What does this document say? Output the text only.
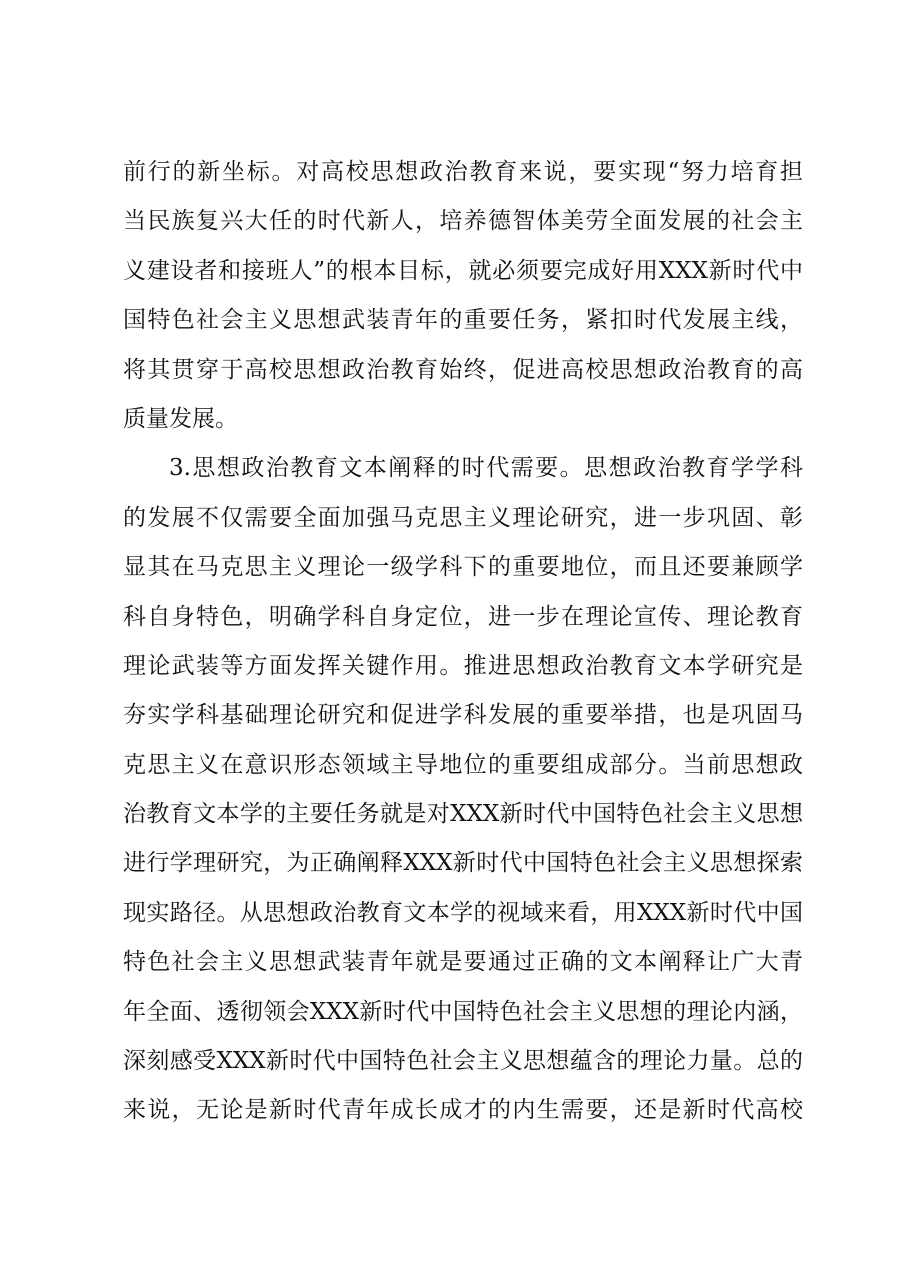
前行的新坐标。对高校思想政治教育来说，要实现“努力培育担
当民族复兴大任的时代新人，培养德智体美劳全面发展的社会主
义建设者和接班人”的根本目标，就必须要完成好用XXX新时代中
国特色社会主义思想武装青年的重要任务，紧扣时代发展主线，
将其贯穿于高校思想政治教育始终，促进高校思想政治教育的高
质量发展。
3.思想政治教育文本阐释的时代需要。思想政治教育学学科
的发展不仅需要全面加强马克思主义理论研究，进一步巩固、彰
显其在马克思主义理论一级学科下的重要地位，而且还要兼顾学
科自身特色，明确学科自身定位，进一步在理论宣传、理论教育
理论武装等方面发挥关键作用。推进思想政治教育文本学研究是
夯实学科基础理论研究和促进学科发展的重要举措，也是巩固马
克思主义在意识形态领域主导地位的重要组成部分。当前思想政
治教育文本学的主要任务就是对XXX新时代中国特色社会主义思想
进行学理研究，为正确阐释XXX新时代中国特色社会主义思想探索
现实路径。从思想政治教育文本学的视域来看，用XXX新时代中国
特色社会主义思想武装青年就是要通过正确的文本阐释让广大青
年全面、透彻领会XXX新时代中国特色社会主义思想的理论内涵，
深刻感受XXX新时代中国特色社会主义思想蕴含的理论力量。总的
来说，无论是新时代青年成长成才的内生需要，还是新时代高校
